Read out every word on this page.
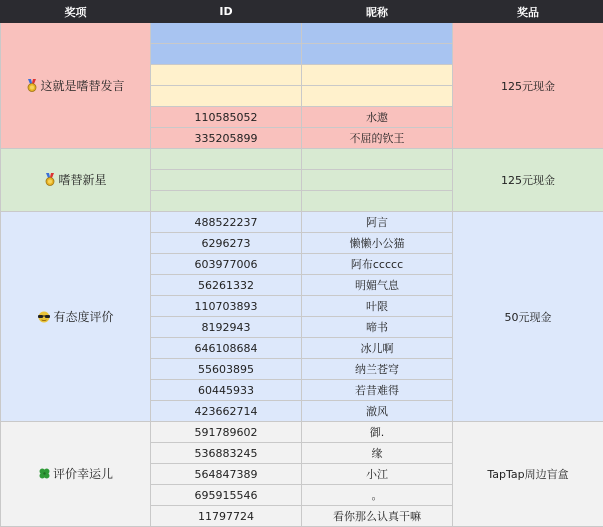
奖项	ID	昵称	奖品
这就是嗜替发言			125元现金

	110585052	水遨	
	335205899	不屈的钦王	
嗜替新星			125元现金

有态度评价	488522237	阿言	50元现金
	6296273	懒懒小公猫	
	603977006	阿布ccccc	
	56261332	明媚气息	
	110703893	叶限	
	8192943	啼书	
	646108684	冰儿啊	
	55603895	纳兰苍穹	
	60445933	若昔难得	
	423662714	澈风	
评价幸运儿	591789602	御.	TapTap周边盲盒
	536883245	缘	
	564847389	小江	
	695915546	。	
	11797724	看你那么认真干嘛	
